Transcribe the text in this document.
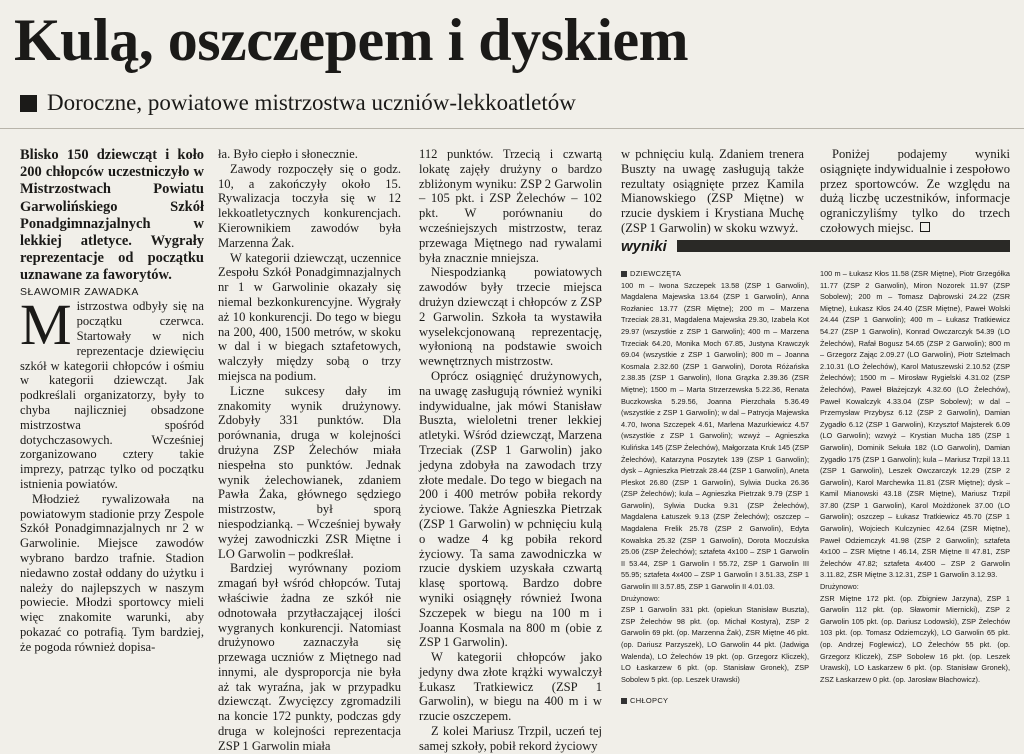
Kulą, oszczepem i dyskiem
Doroczne, powiatowe mistrzostwa uczniów-lekkoatletów

Blisko 150 dziewcząt i koło 200 chłopców uczestniczyło w Mistrzostwach Powiatu Garwolińskiego Szkół Ponadgimnazjalnych w lekkiej atletyce. Wygrały reprezentacje od początku uznawane za faworytów.

SŁAWOMIR ZAWADKA

Mistrzostwa odbyły się na początku czerwca. Startowały w nich reprezentacje dziewięciu szkół w kategorii chłopców i ośmiu w kategorii dziewcząt. Jak podkreślali organizatorzy, były to chyba najliczniej obsadzone mistrzostwa spośród dotychczasowych. Wcześniej zorganizowano cztery takie imprezy, patrząc tylko od początku istnienia powiatów.

Młodzież rywalizowała na powiatowym stadionie przy Zespole Szkół Ponadgimnazjalnych nr 2 w Garwolinie. Miejsce zawodów wybrano bardzo trafnie. Stadion niedawno został oddany do użytku i należy do najlepszych w naszym powiecie. Młodzi sportowcy mieli więc znakomite warunki, aby pokazać co potrafią. Tym bardziej, że pogoda również dopisa-

ła. Było ciepło i słonecznie.

Zawody rozpoczęły się o godz. 10, a zakończyły około 15. Rywalizacja toczyła się w 12 lekkoatletycznych konkurencjach. Kierownikiem zawodów była Marzenna Żak.

W kategorii dziewcząt, uczennice Zespołu Szkół Ponadgimnazjalnych nr 1 w Garwolinie okazały się niemal bezkonkurencyjne. Wygrały aż 10 konkurencji. Do tego w biegu na 200, 400, 1500 metrów, w skoku w dal i w biegach sztafetowych, walczyły między sobą o trzy miejsca na podium.

Liczne sukcesy dały im znakomity wynik drużynowy. Zdobyły 331 punktów. Dla porównania, druga w kolejności drużyna ZSP Żelechów miała niespełna sto punktów. Jednak wynik żelechowianek, zdaniem Pawła Żaka, głównego sędziego mistrzostw, był sporą niespodzianką. – Wcześniej bywały wyżej zawodniczki ZSR Miętne i LO Garwolin – podkreślał.

Bardziej wyrównany poziom zmagań był wśród chłopców. Tutaj właściwie żadna ze szkół nie odnotowała przytłaczającej ilości wygranych konkurencji. Natomiast drużynowo zaznaczyła się przewaga uczniów z Miętnego nad innymi, ale dysproporcja nie była aż tak wyraźna, jak w przypadku dziewcząt. Zwycięzcy zgromadzili na koncie 172 punkty, podczas gdy druga w kolejności reprezentacja ZSP 1 Garwolin miała

112 punktów. Trzecią i czwartą lokatę zajęły drużyny o bardzo zbliżonym wyniku: ZSP 2 Garwolin – 105 pkt. i ZSP Żelechów – 102 pkt. W porównaniu do wcześniejszych mistrzostw, teraz przewaga Miętnego nad rywalami była znacznie mniejsza.

Niespodzianką powiatowych zawodów były trzecie miejsca drużyn dziewcząt i chłopców z ZSP 2 Garwolin. Szkoła ta wystawiła wyselekcjonowaną reprezentację, wyłonioną na podstawie swoich wewnętrznych mistrzostw.

Oprócz osiągnięć drużynowych, na uwagę zasługują również wyniki indywidualne, jak mówi Stanisław Buszta, wieloletni trener lekkiej atletyki. Wśród dziewcząt, Marzena Trzeciak (ZSP 1 Garwolin) jako jedyna zdobyła na zawodach trzy złote medale. Do tego w biegach na 200 i 400 metrów pobiła rekordy życiowe. Także Agnieszka Pietrzak (ZSP 1 Garwolin) w pchnięciu kulą o wadze 4 kg pobiła rekord życiowy. Ta sama zawodniczka w rzucie dyskiem uzyskała czwartą klasę sportową. Bardzo dobre wyniki osiągnęły również Iwona Szczepek w biegu na 100 m i Joanna Kosmala na 800 m (obie z ZSP 1 Garwolin).

W kategorii chłopców jako jedyny dwa złote krążki wywalczył Łukasz Tratkiewicz (ZSP 1 Garwolin), w biegu na 400 m i w rzucie oszczepem.

Z kolei Mariusz Trzpil, uczeń tej samej szkoły, pobił rekord życiowy

w pchnięciu kulą. Zdaniem trenera Buszty na uwagę zasługują także rezultaty osiągnięte przez Kamila Mianowskiego (ZSP Miętne) w rzucie dyskiem i Krystiana Muchę (ZSP 1 Garwolin) w skoku wzwyż.

Poniżej podajemy wyniki osiągnięte indywidualnie i zespołowo przez sportowców. Ze względu na dużą liczbę uczestników, informacje ograniczyliśmy tylko do trzech czołowych miejsc.

wyniki

DZIEWCZĘTA

100 m – Iwona Szczepek 13.58 (ZSP 1 Garwolin), Magdalena Majewska 13.64 (ZSP 1 Garwolin), Anna Rozłaniec 13.77 (ZSR Miętne); 200 m – Marzena Trzeciak 28.31, Magdalena Majewska 29.30, Izabela Kot 29.97 (wszystkie z ZSP 1 Garwolin); 400 m – Marzena Trzeciak 64.20, Monika Moch 67.85, Justyna Krawczyk 69.04 (wszystkie z ZSP 1 Garwolin); 800 m – Joanna Kosmala 2.32.60 (ZSP 1 Garwolin), Dorota Różańska 2.38.35 (ZSP 1 Garwolin), Ilona Grązka 2.39.36 (ZSR Miętne); 1500 m – Marta Strzerzewska 5.22.36, Renata Buczkowska 5.29.56, Joanna Pierzchała 5.36.49 (wszystkie z ZSP 1 Garwolin); w dal – Patrycja Majewska 4.70, Iwona Szczepek 4.61, Marlena Mazurkiewicz 4.57 (wszystkie z ZSP 1 Garwolin); wzwyż – Agnieszka Kulińska 145 (ZSP Żelechów), Małgorzata Kruk 145 (ZSP Żelechów), Katarzyna Poszytek 139 (ZSP 1 Garwolin); dysk – Agnieszka Pietrzak 28.44 (ZSP 1 Garwolin), Aneta Pleskot 26.80 (ZSP 1 Garwolin), Sylwia Ducka 26.36 (ZSP Żelechów); kula – Agnieszka Pietrzak 9.79 (ZSP 1 Garwolin), Sylwia Ducka 9.31 (ZSP Żelechów), Magdalena Łatuszek 9.13 (ZSP Żelechów); oszczep – Magdalena Frelik 25.78 (ZSP 2 Garwolin), Edyta Kowalska 25.32 (ZSP 1 Garwolin), Dorota Moczulska 25.06 (ZSP Żelechów); sztafeta 4x100 – ZSP 1 Garwolin II 53.44, ZSP 1 Garwolin I 55.72, ZSP 1 Garwolin III 55.95; sztafeta 4x400 – ZSP 1 Garwolin I 3.51.33, ZSP 1 Garwolin III 3.57.85, ZSP 1 Garwolin II 4.01.03.

Drużynowo:

ZSP 1 Garwolin 331 pkt. (opiekun Stanisław Buszta), ZSP Żelechów 98 pkt. (op. Michał Kostyra), ZSP 2 Garwolin 69 pkt. (op. Marzenna Żak), ZSR Miętne 46 pkt. (op. Dariusz Parzyszek), LO Garwolin 44 pkt. (Jadwiga Walenda), LO Żelechów 19 pkt. (op. Grzegorz Kliczek), LO Łaskarzew 6 pkt. (op. Stanisław Gronek), ZSP Sobolew 5 pkt. (op. Leszek Urawski)

CHŁOPCY

100 m – Łukasz Kłos 11.58 (ZSR Miętne), Piotr Grzegółka 11.77 (ZSP 2 Garwolin), Miron Nozorek 11.97 (ZSP Sobolew); 200 m – Tomasz Dąbrowski 24.22 (ZSR Miętne), Łukasz Kłos 24.40 (ZSR Miętne), Paweł Wolski 24.44 (ZSP 1 Garwolin); 400 m – Łukasz Tratkiewicz 54.27 (ZSP 1 Garwolin), Konrad Owczarczyk 54.39 (LO Żelechów), Rafał Bogusz 54.65 (ZSP 2 Garwolin); 800 m – Grzegorz Zając 2.09.27 (LO Garwolin), Piotr Sztelmach 2.10.31 (LO Żelechów), Karol Matuszewski 2.10.52 (ZSP Żelechów); 1500 m – Mirosław Rygielski 4.31.02 (ZSP Żelechów), Paweł Błażejczyk 4.32.60 (LO Żelechów), Paweł Kowalczyk 4.33.04 (ZSP Sobolew); w dal – Przemysław Przybysz 6.12 (ZSP 2 Garwolin), Damian Zygadło 6.12 (ZSP 1 Garwolin), Krzysztof Majsterek 6.09 (LO Garwolin); wzwyż – Krystian Mucha 185 (ZSP 1 Garwolin), Dominik Sekuła 182 (LO Garwolin), Damian Zygadło 175 (ZSP 1 Garwolin); kula – Mariusz Trzpil 13.11 (ZSP 1 Garwolin), Leszek Owczarczyk 12.29 (ZSP 2 Garwolin), Karol Marchewka 11.81 (ZSR Miętne); dysk – Kamil Mianowski 43.18 (ZSR Miętne), Mariusz Trzpil 37.80 (ZSP 1 Garwolin), Karol Możdżonek 37.00 (LO Garwolin); oszczep – Łukasz Tratkiewicz 45.70 (ZSP 1 Garwolin), Wojciech Kulczyniec 42.64 (ZSR Miętne), Paweł Odziemczyk 41.98 (ZSP 2 Garwolin); sztafeta 4x100 – ZSR Miętne I 46.14, ZSR Miętne II 47.81, ZSP Żelechów 47.82; sztafeta 4x400 – ZSP 2 Garwolin 3.11.82, ZSR Miętne 3.12.31, ZSP 1 Garwolin 3.12.93.

Drużynowo:

ZSR Miętne 172 pkt. (op. Zbigniew Jarzyna), ZSP 1 Garwolin 112 pkt. (op. Sławomir Miernicki), ZSP 2 Garwolin 105 pkt. (op. Dariusz Lodowski), ZSP Żelechów 103 pkt. (op. Tomasz Odziemczyk), LO Garwolin 65 pkt. (op. Andrzej Foglewicz), LO Żelechów 55 pkt. (op. Grzegorz Kliczek), ZSP Sobolew 16 pkt. (op. Leszek Urawski), LO Łaskarzew 6 pkt. (op. Stanisław Gronek), ZSZ Łaskarzew 0 pkt. (op. Jarosław Błachowicz).
